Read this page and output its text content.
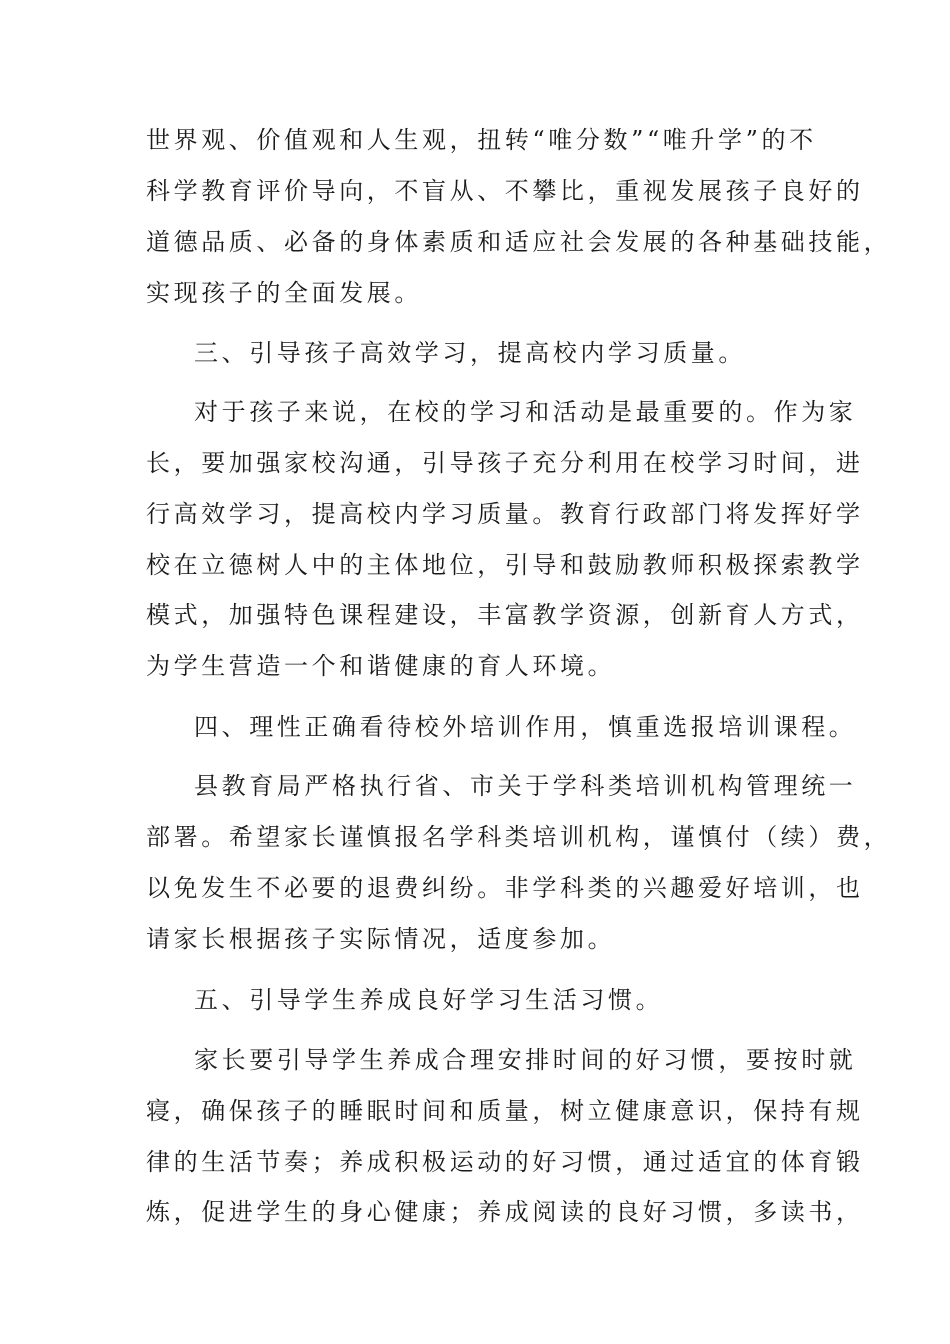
世界观、价值观和人生观，扭转“唯分数”“唯升学”的不
科学教育评价导向，不盲从、不攀比，重视发展孩子良好的
道德品质、必备的身体素质和适应社会发展的各种基础技能，
实现孩子的全面发展。
三、引导孩子高效学习，提高校内学习质量。
对于孩子来说，在校的学习和活动是最重要的。作为家
长，要加强家校沟通，引导孩子充分利用在校学习时间，进
行高效学习，提高校内学习质量。教育行政部门将发挥好学
校在立德树人中的主体地位，引导和鼓励教师积极探索教学
模式，加强特色课程建设，丰富教学资源，创新育人方式，
为学生营造一个和谐健康的育人环境。
四、理性正确看待校外培训作用，慎重选报培训课程。
县教育局严格执行省、市关于学科类培训机构管理统一
部署。希望家长谨慎报名学科类培训机构，谨慎付（续）费，
以免发生不必要的退费纠纷。非学科类的兴趣爱好培训，也
请家长根据孩子实际情况，适度参加。
五、引导学生养成良好学习生活习惯。
家长要引导学生养成合理安排时间的好习惯，要按时就
寝，确保孩子的睡眠时间和质量，树立健康意识，保持有规
律的生活节奏；养成积极运动的好习惯，通过适宜的体育锻
炼，促进学生的身心健康；养成阅读的良好习惯，多读书，
